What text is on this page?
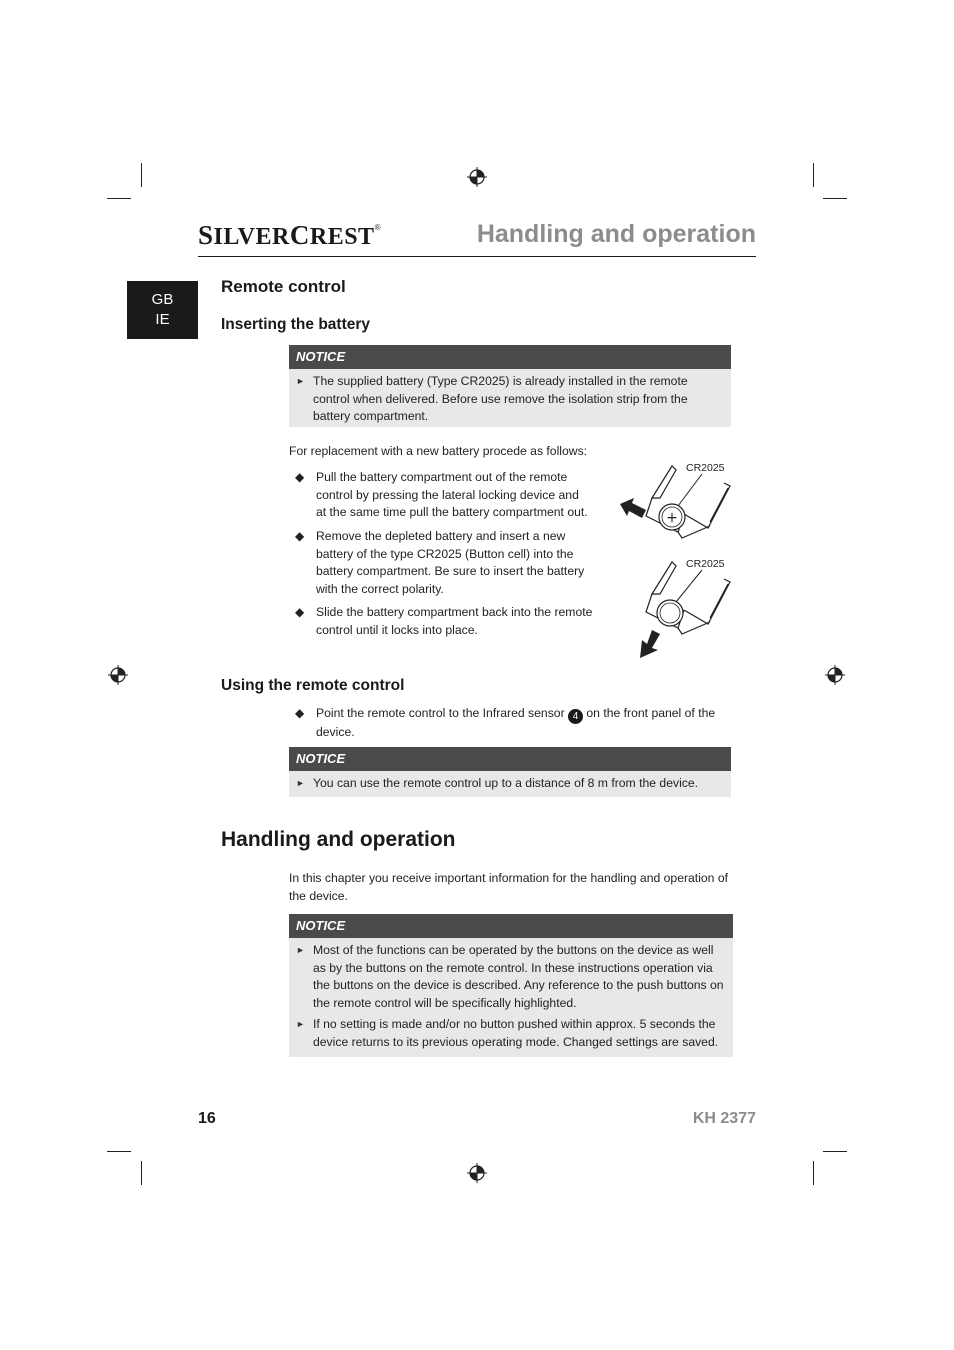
SILVERCREST®	Handling and operation
GB
IE
Remote control
Inserting the battery
NOTICE
► The supplied battery (Type CR2025) is already installed in the remote control when delivered. Before use remove the isolation strip from the battery compartment.
For replacement with a new battery procede as follows:
◆ Pull the battery compartment out of the remote control by pressing the lateral locking device and at the same time pull the battery compartment out.
◆ Remove the depleted battery and insert a new battery of the type CR2025 (Button cell) into the battery compartment. Be sure to insert the battery with the correct polarity.
◆ Slide the battery compartment back into the remote control until it locks into place.
+
CR2025
CR2025
Using the remote control
◆ Point the remote control to the Infrared sensor 4 on the front panel of the device.
NOTICE
► You can use the remote control up to a distance of 8 m from the device.
Handling and operation
In this chapter you receive important information for the handling and operation of the device.
NOTICE
► Most of the functions can be operated by the buttons on the device as well as by the buttons on the remote control. In these instructions operation via the buttons on the device is described. Any reference to the push buttons on the remote control will be specifically highlighted.
► If no setting is made and/or no button pushed within approx. 5 seconds the device returns to its previous operating mode. Changed settings are saved.
16	KH 2377
